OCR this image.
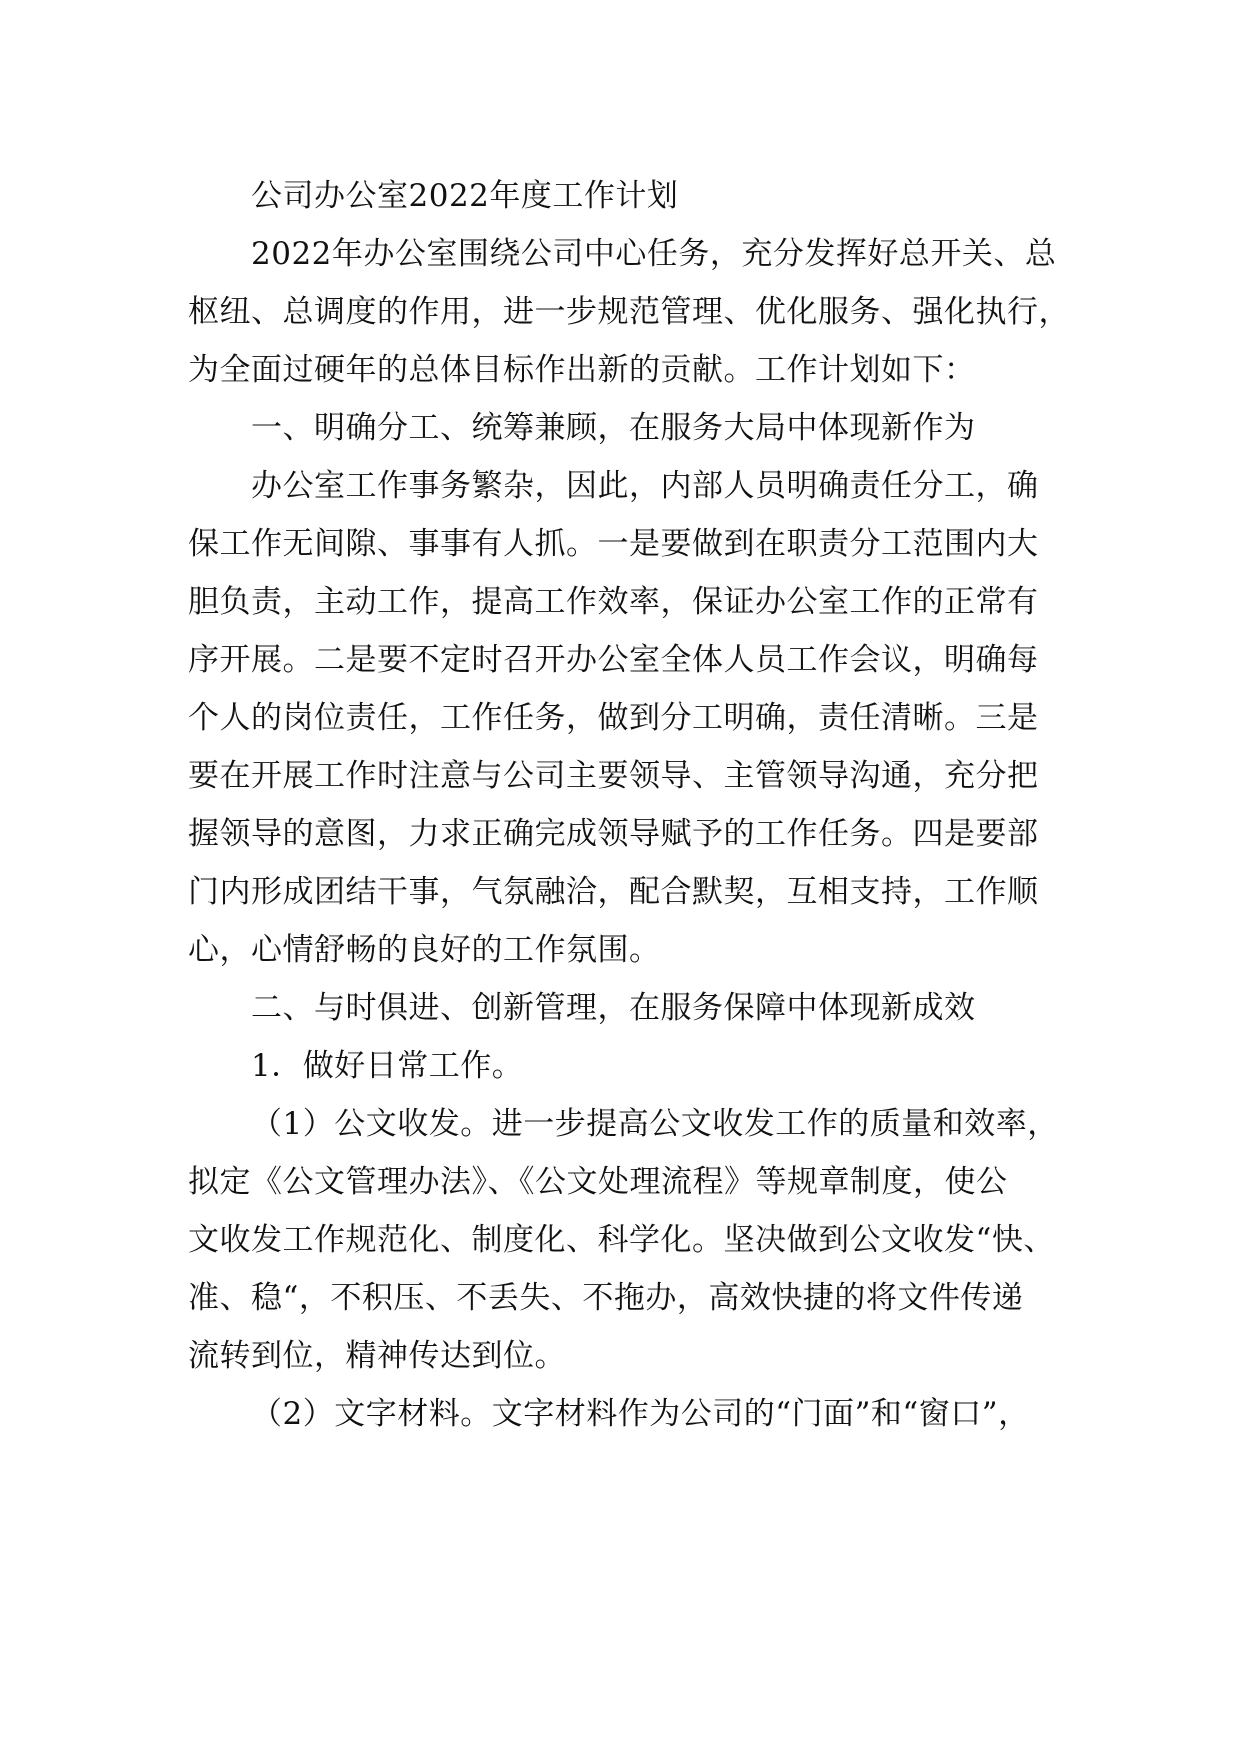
公司办公室2022年度工作计划
2022年办公室围绕公司中心任务，充分发挥好总开关、总
枢纽、总调度的作用，进一步规范管理、优化服务、强化执行，
为全面过硬年的总体目标作出新的贡献。工作计划如下：
一、明确分工、统筹兼顾，在服务大局中体现新作为
办公室工作事务繁杂，因此，内部人员明确责任分工，确
保工作无间隙、事事有人抓。一是要做到在职责分工范围内大
胆负责，主动工作，提高工作效率，保证办公室工作的正常有
序开展。二是要不定时召开办公室全体人员工作会议，明确每
个人的岗位责任，工作任务，做到分工明确，责任清晰。三是
要在开展工作时注意与公司主要领导、主管领导沟通，充分把
握领导的意图，力求正确完成领导赋予的工作任务。四是要部
门内形成团结干事，气氛融洽，配合默契，互相支持，工作顺
心，心情舒畅的良好的工作氛围。
二、与时俱进、创新管理，在服务保障中体现新成效
1．做好日常工作。
（1）公文收发。进一步提高公文收发工作的质量和效率，
拟定《公文管理办法》、《公文处理流程》等规章制度，使公
文收发工作规范化、制度化、科学化。坚决做到公文收发“快、
准、稳“，不积压、不丢失、不拖办，高效快捷的将文件传递
流转到位，精神传达到位。
（2）文字材料。文字材料作为公司的“门面”和“窗口”，
